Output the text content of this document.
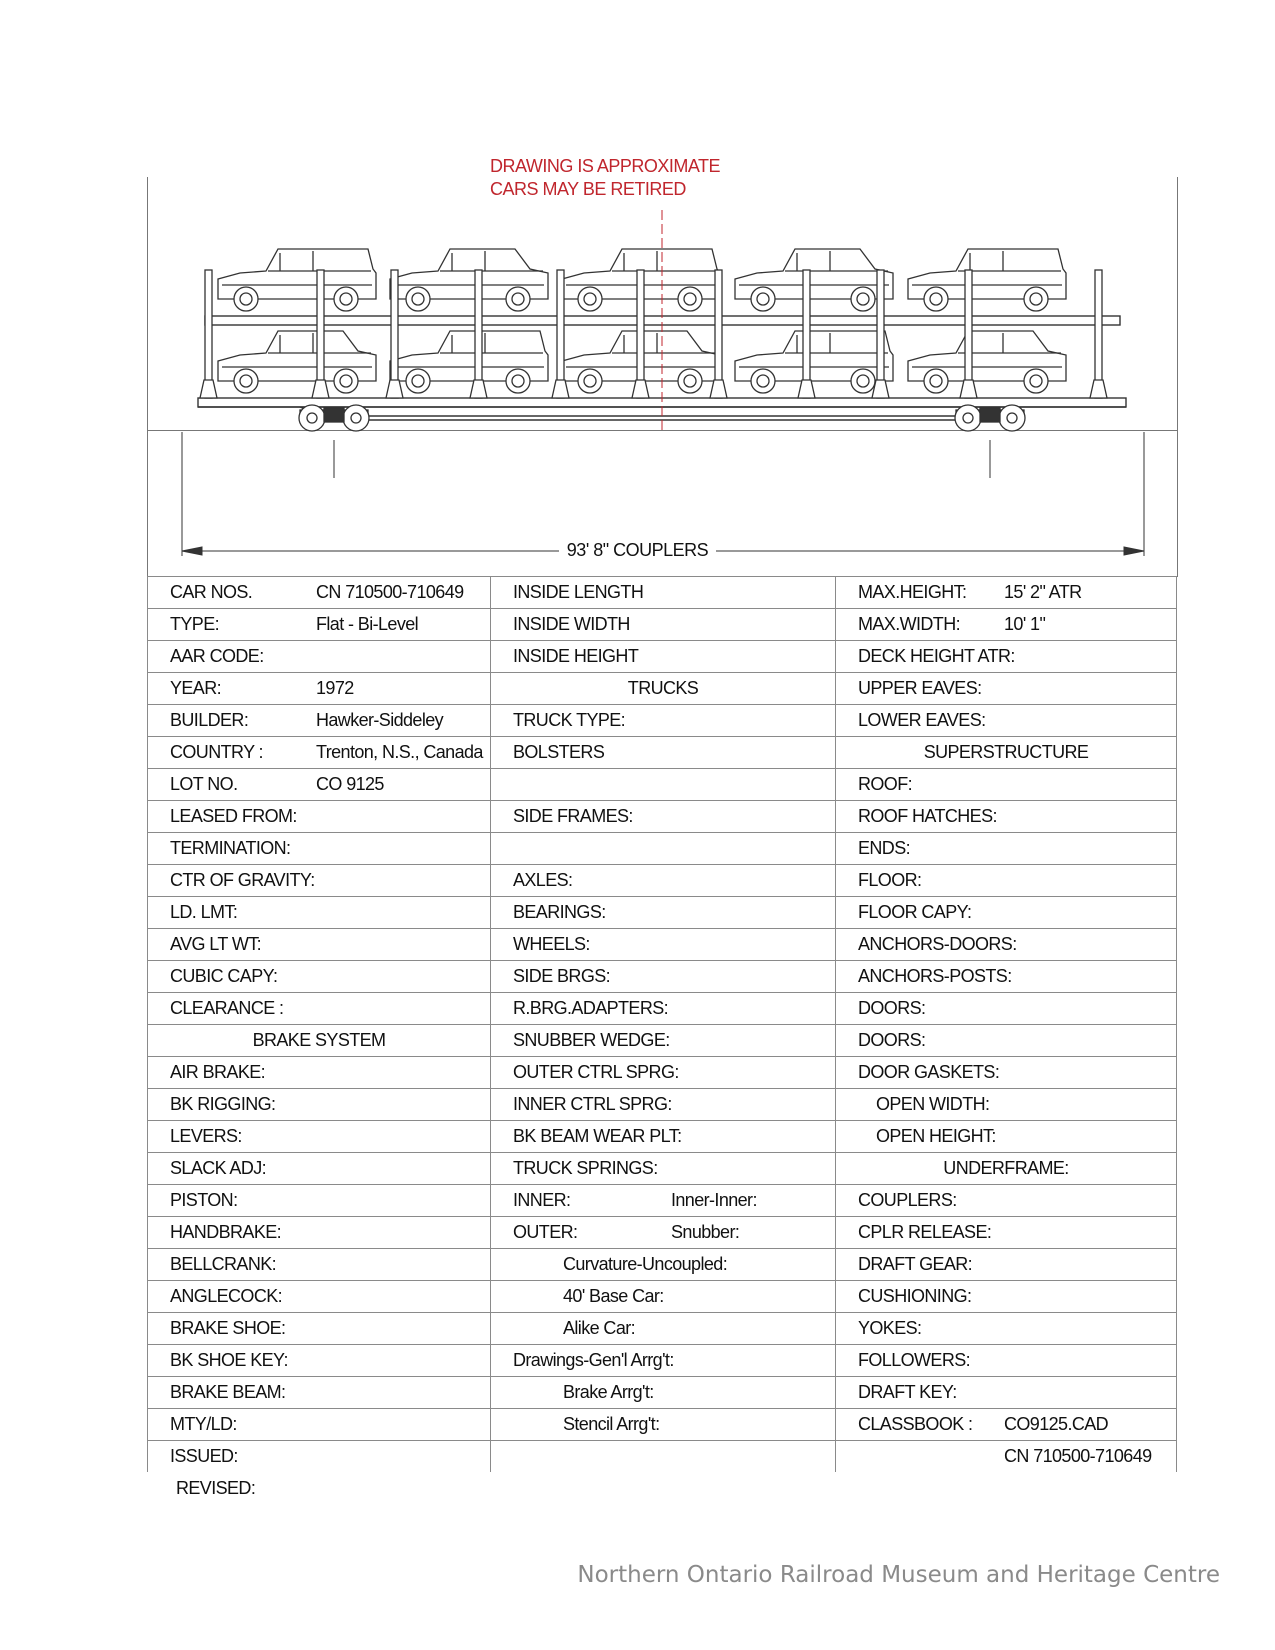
DRAWING IS APPROXIMATE
CARS MAY BE RETIRED
93' 8" COUPLERS
CAR NOS. CN 710500-710649	INSIDE LENGTH	MAX.HEIGHT: 15' 2" ATR
TYPE: Flat - Bi-Level	INSIDE WIDTH	MAX.WIDTH: 10' 1"
AAR CODE:	INSIDE HEIGHT	DECK HEIGHT ATR:
YEAR: 1972	TRUCKS	UPPER EAVES:
BUILDER: Hawker-Siddeley	TRUCK TYPE:	LOWER EAVES:
COUNTRY : Trenton, N.S., Canada	BOLSTERS	SUPERSTRUCTURE
LOT NO. CO 9125		ROOF:
LEASED FROM:	SIDE FRAMES:	ROOF HATCHES:
TERMINATION:		ENDS:
CTR OF GRAVITY:	AXLES:	FLOOR:
LD. LMT:	BEARINGS:	FLOOR CAPY:
AVG LT WT:	WHEELS:	ANCHORS-DOORS:
CUBIC CAPY:	SIDE BRGS:	ANCHORS-POSTS:
CLEARANCE :	R.BRG.ADAPTERS:	DOORS:
BRAKE SYSTEM	SNUBBER WEDGE:	DOORS:
AIR BRAKE:	OUTER CTRL SPRG:	DOOR GASKETS:
BK RIGGING:	INNER CTRL SPRG:	OPEN WIDTH:
LEVERS:	BK BEAM WEAR PLT:	OPEN HEIGHT:
SLACK ADJ:	TRUCK SPRINGS:	UNDERFRAME:
PISTON:	INNER: Inner-Inner:	COUPLERS:
HANDBRAKE:	OUTER: Snubber:	CPLR RELEASE:
BELLCRANK:	Curvature-Uncoupled:	DRAFT GEAR:
ANGLECOCK:	40' Base Car:	CUSHIONING:
BRAKE SHOE:	Alike Car:	YOKES:
BK SHOE KEY:	Drawings-Gen'l Arrg't:	FOLLOWERS:
BRAKE BEAM:	Brake Arrg't:	DRAFT KEY:
MTY/LD:	Stencil Arrg't:	CLASSBOOK : CO9125.CAD
ISSUED:		CN 710500-710649
REVISED:
Northern Ontario Railroad Museum and Heritage Centre
